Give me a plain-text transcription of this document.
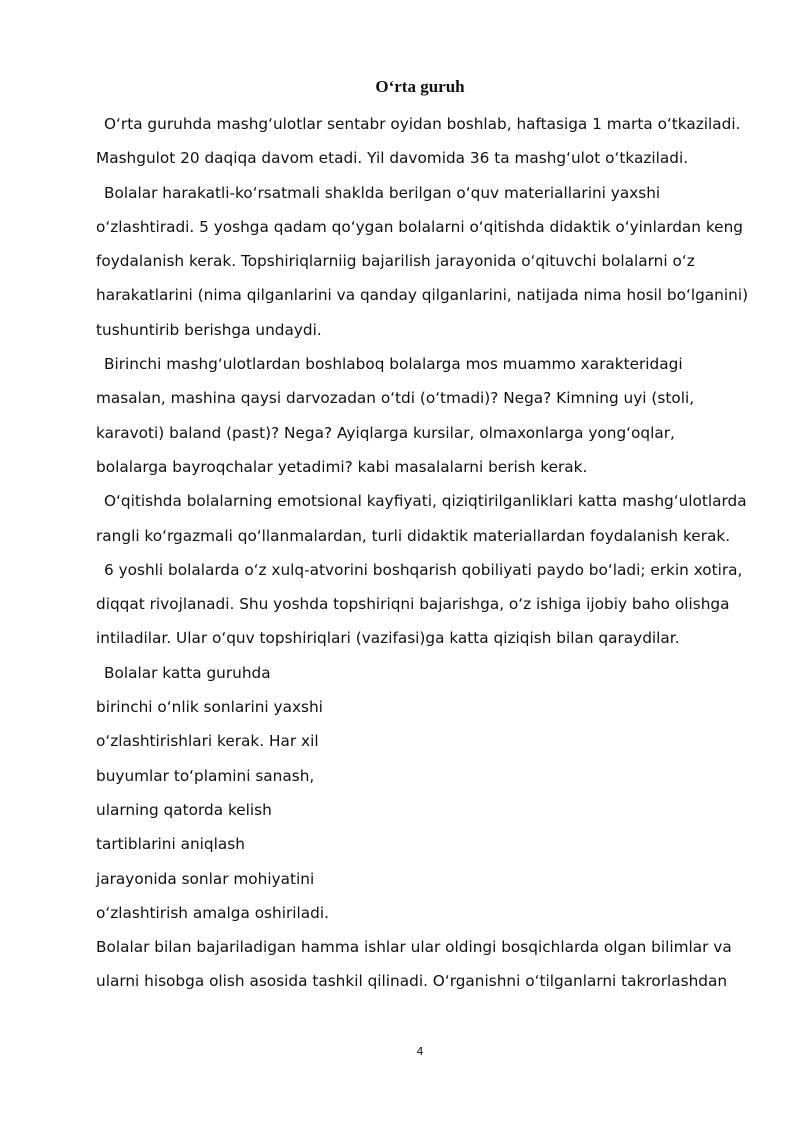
O‘rta guruh
O‘rta guruhda mashg‘ulotlar sentabr oyidan boshlab, haftasiga 1 marta o‘tkaziladi.
Mashgulot 20 daqiqa davom etadi. Yil davomida 36 ta mashg‘ulot o‘tkaziladi.
Bolalar harakatli-ko‘rsatmali shaklda berilgan o‘quv materiallarini yaxshi
o‘zlashtiradi. 5 yoshga qadam qo‘ygan bolalarni o‘qitishda didaktik o‘yinlardan keng
foydalanish kerak. Topshiriqlarniig bajarilish jarayonida o‘qituvchi bolalarni o‘z
harakatlarini (nima qilganlarini va qanday qilganlarini, natijada nima hosil bo‘lganini)
tushuntirib berishga undaydi.
Birinchi mashg‘ulotlardan boshlaboq bolalarga mos muammo xarakteridagi
masalan, mashina qaysi darvozadan o‘tdi (o‘tmadi)? Nega? Kimning uyi (stoli,
karavoti) baland (past)? Nega? Ayiqlarga kursilar, olmaxonlarga yong‘oqlar,
bolalarga bayroqchalar yetadimi? kabi masalalarni berish kerak.
O‘qitishda bolalarning emotsional kayfiyati, qiziqtirilganliklari katta mashg‘ulotlarda
rangli ko‘rgazmali qo‘llanmalardan, turli didaktik materiallardan foydalanish kerak.
6 yoshli bolalarda o‘z xulq-atvorini boshqarish qobiliyati paydo bo‘ladi; erkin xotira,
diqqat rivojlanadi. Shu yoshda topshiriqni bajarishga, o‘z ishiga ijobiy baho olishga
intiladilar. Ular o‘quv topshiriqlari (vazifasi)ga katta qiziqish bilan qaraydilar.
Bolalar katta guruhda
birinchi o‘nlik sonlarini yaxshi
o‘zlashtirishlari kerak. Har xil
buyumlar to‘plamini sanash,
ularning qatorda kelish
tartiblarini aniqlash
jarayonida sonlar mohiyatini
o‘zlashtirish amalga oshiriladi.
Bolalar bilan bajariladigan hamma ishlar ular oldingi bosqichlarda olgan bilimlar va
ularni hisobga olish asosida tashkil qilinadi. O‘rganishni o‘tilganlarni takrorlashdan
4
